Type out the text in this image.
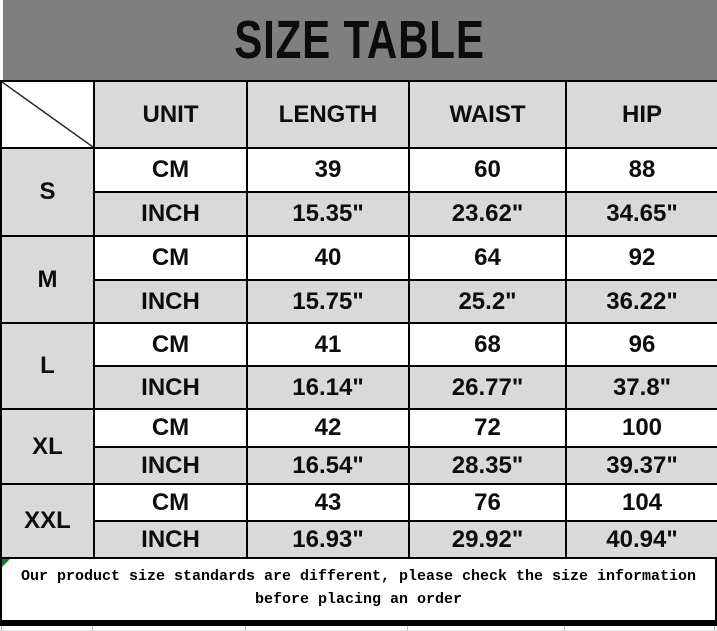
SIZE TABLE
	UNIT	LENGTH	WAIST	HIP
S	CM	39	60	88
	INCH	15.35"	23.62"	34.65"
M	CM	40	64	92
	INCH	15.75"	25.2"	36.22"
L	CM	41	68	96
	INCH	16.14"	26.77"	37.8"
XL	CM	42	72	100
	INCH	16.54"	28.35"	39.37"
XXL	CM	43	76	104
	INCH	16.93"	29.92"	40.94"
Our product size standards are different, please check the size information
before placing an order
